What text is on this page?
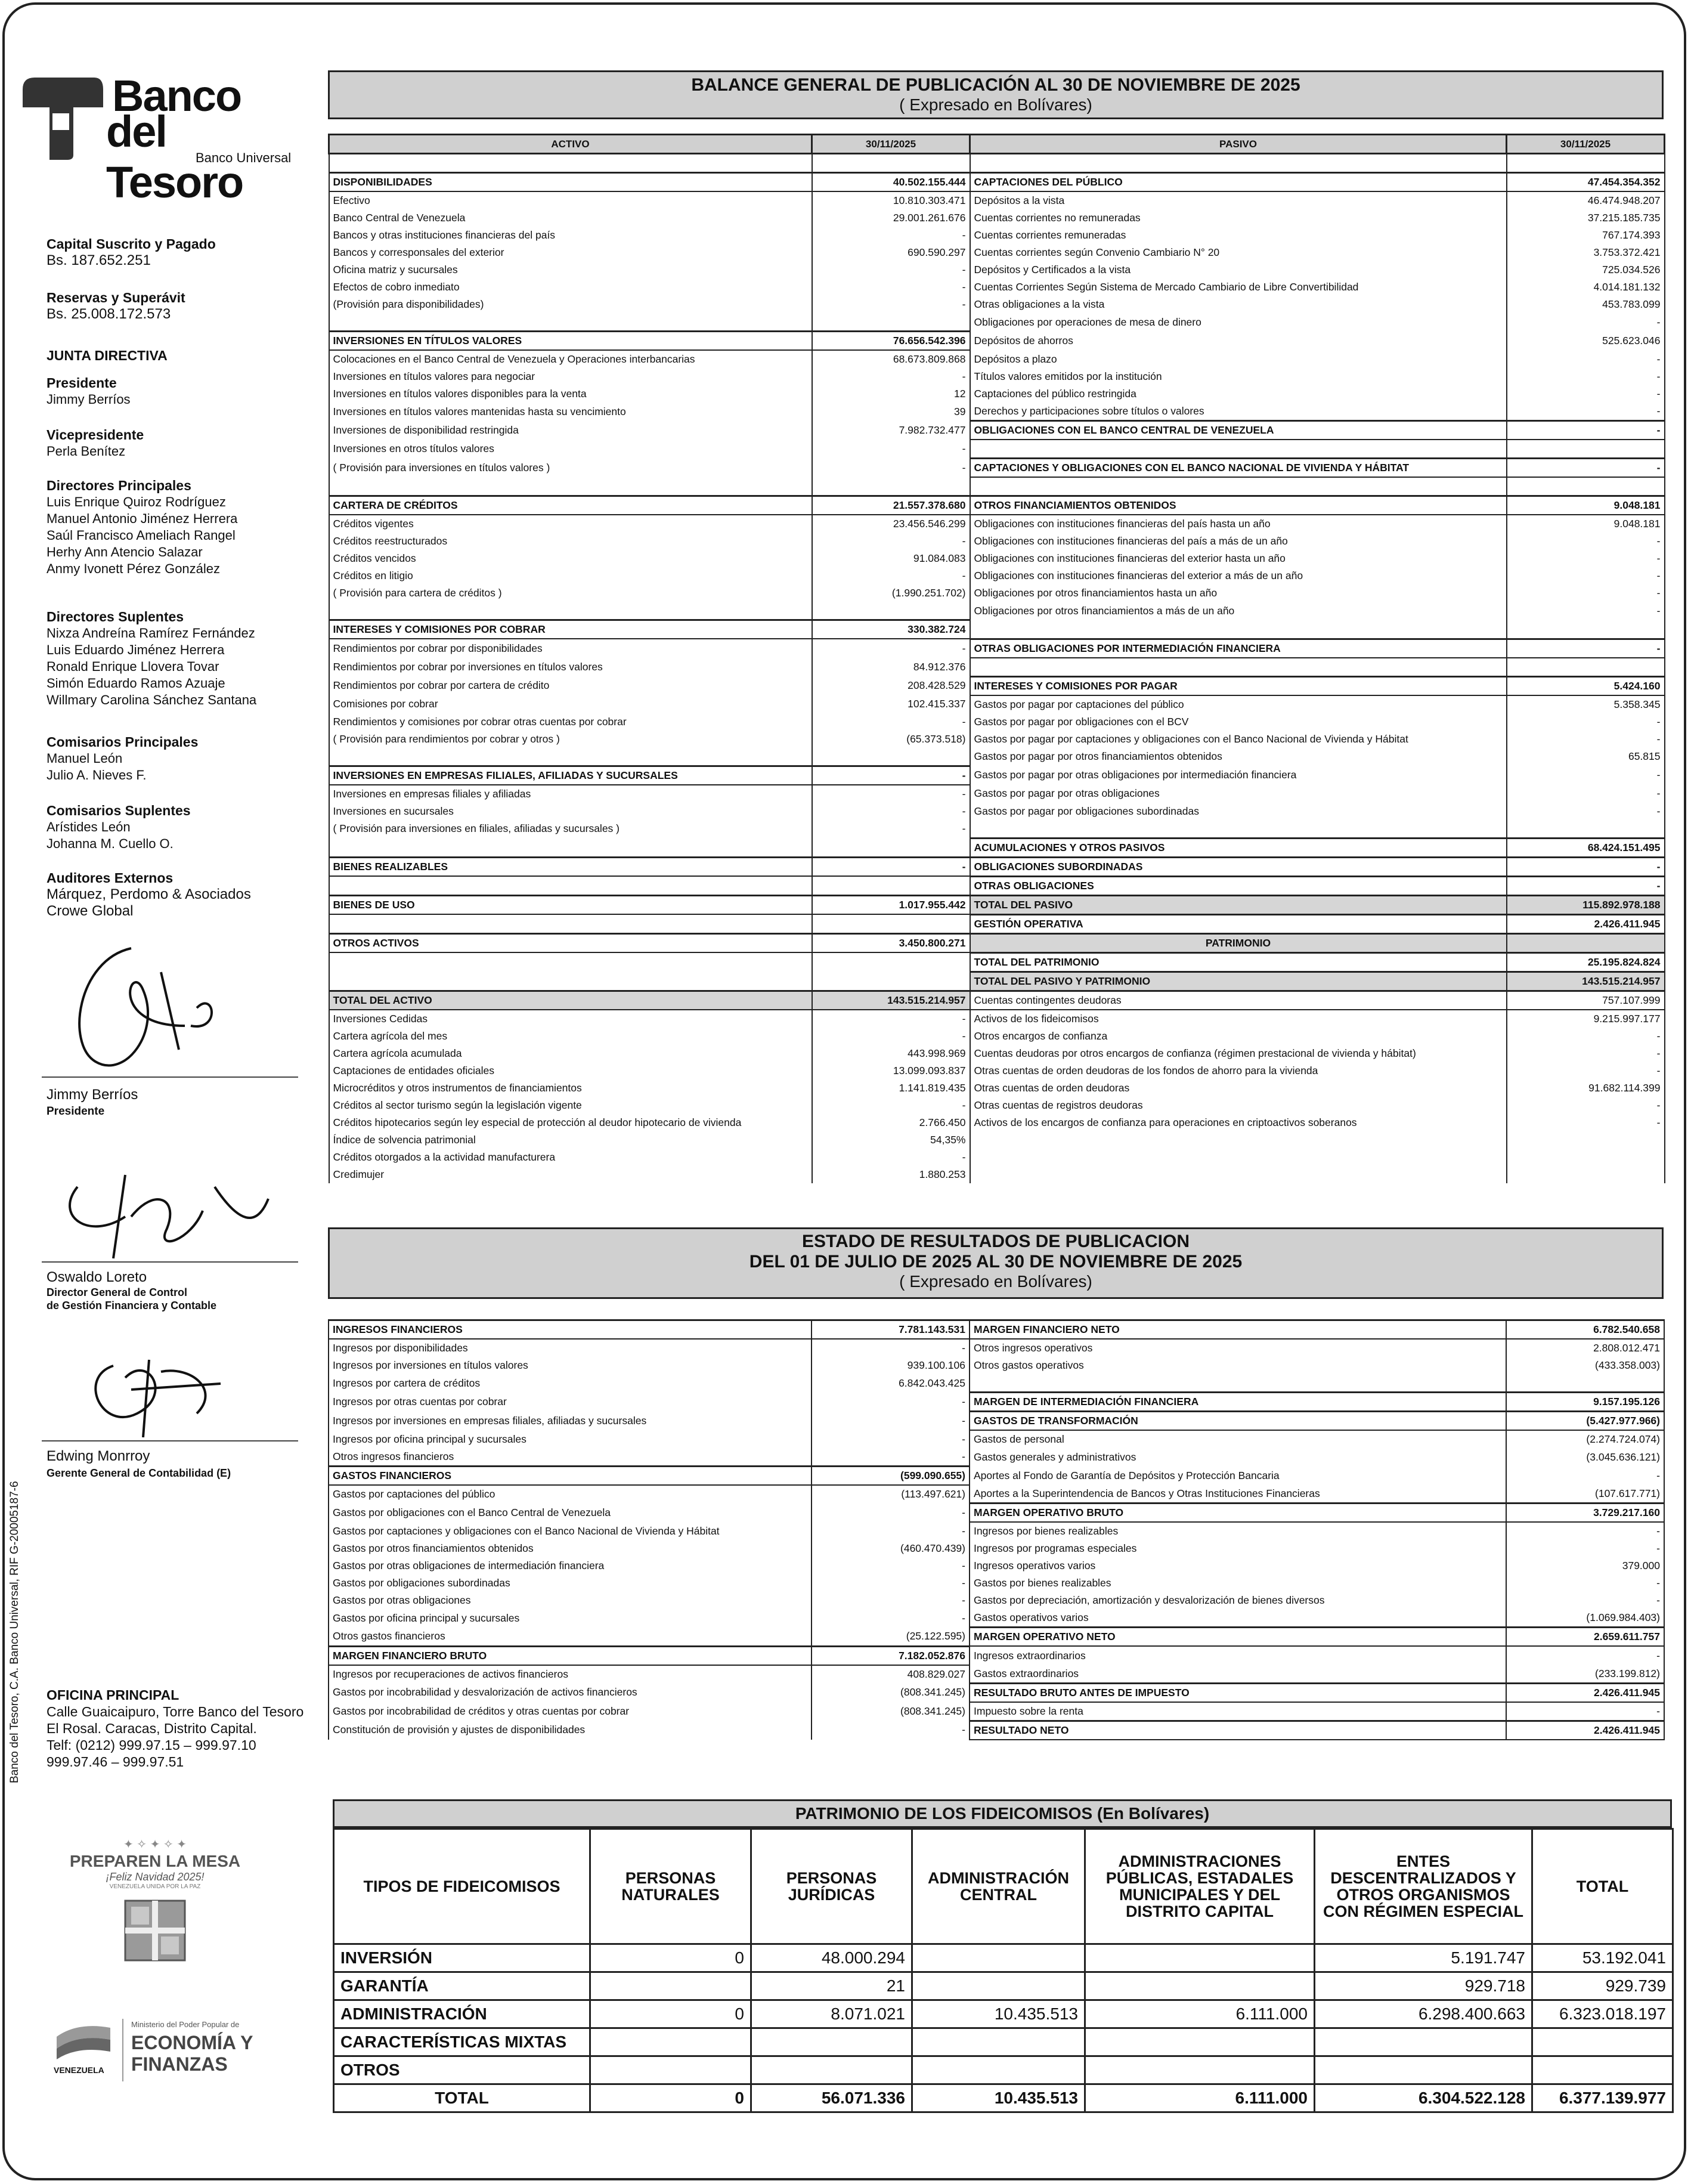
Banco
del Tesoro
Banco Universal
Capital Suscrito y Pagado
Bs. 187.652.251
Reservas y Superávit
Bs. 25.008.172.573
JUNTA DIRECTIVA
Presidente
Jimmy Berríos
Vicepresidente
Perla Benítez
Directores Principales
Luis Enrique Quiroz Rodríguez
Manuel Antonio Jiménez Herrera
Saúl Francisco Ameliach Rangel
Herhy Ann Atencio Salazar
Anmy Ivonett Pérez González
Directores Suplentes
Nixza Andreína Ramírez Fernández
Luis Eduardo Jiménez Herrera
Ronald Enrique Llovera Tovar
Simón Eduardo Ramos Azuaje
Willmary Carolina Sánchez Santana
Comisarios Principales
Manuel León
Julio A. Nieves F.
Comisarios Suplentes
Arístides León
Johanna M. Cuello O.
Auditores Externos
Márquez, Perdomo & Asociados
Crowe Global
Jimmy Berríos
Presidente
Oswaldo Loreto
Director General de Control
de Gestión Financiera y Contable
Edwing Monrroy
Gerente General de Contabilidad (E)
OFICINA PRINCIPAL
Calle Guaicaipuro, Torre Banco del Tesoro
El Rosal. Caracas, Distrito Capital.
Telf: (0212) 999.97.15 – 999.97.10
999.97.46 – 999.97.51
Banco del Tesoro, C.A. Banco Universal, RIF G-20005187-6
✦ ✧ ✦ ✧ ✦
PREPAREN LA MESA
¡Feliz Navidad 2025!
VENEZUELA UNIDA POR LA PAZ
VENEZUELA
Ministerio del Poder Popular de
ECONOMÍA Y
FINANZAS
BALANCE GENERAL DE PUBLICACIÓN AL 30 DE NOVIEMBRE DE 2025
( Expresado en Bolívares)
ACTIVO	30/11/2025	PASIVO	30/11/2025

DISPONIBILIDADES	40.502.155.444	CAPTACIONES DEL PÚBLICO	47.454.354.352
Efectivo	10.810.303.471	Depósitos a la vista	46.474.948.207
Banco Central de Venezuela	29.001.261.676	Cuentas corrientes no remuneradas	37.215.185.735
Bancos y otras instituciones financieras del país	-	Cuentas corrientes remuneradas	767.174.393
Bancos y corresponsales del exterior	690.590.297	Cuentas corrientes según Convenio Cambiario N° 20	3.753.372.421
Oficina matriz y sucursales	-	Depósitos y Certificados a la vista	725.034.526
Efectos de cobro inmediato	-	Cuentas Corrientes Según Sistema de Mercado Cambiario de Libre Convertibilidad	4.014.181.132
(Provisión para disponibilidades)	-	Otras obligaciones a la vista	453.783.099
		Obligaciones por operaciones de mesa de dinero	-
INVERSIONES EN TÍTULOS VALORES	76.656.542.396	Depósitos de ahorros	525.623.046
Colocaciones en el Banco Central de Venezuela y Operaciones interbancarias	68.673.809.868	Depósitos a plazo	-
Inversiones en títulos valores para negociar	-	Títulos valores emitidos por la institución	-
Inversiones en títulos valores disponibles para la venta	12	Captaciones del público restringida	-
Inversiones en títulos valores mantenidas hasta su vencimiento	39	Derechos y participaciones sobre títulos o valores	-
Inversiones de disponibilidad restringida	7.982.732.477	OBLIGACIONES CON EL BANCO CENTRAL DE VENEZUELA	-
Inversiones en otros títulos valores	-		
( Provisión para inversiones en títulos valores )	-	CAPTACIONES Y OBLIGACIONES CON EL BANCO NACIONAL DE VIVIENDA Y HÁBITAT	-

CARTERA DE CRÉDITOS	21.557.378.680	OTROS FINANCIAMIENTOS OBTENIDOS	9.048.181
Créditos vigentes	23.456.546.299	Obligaciones con instituciones financieras del país hasta un año	9.048.181
Créditos reestructurados	-	Obligaciones con instituciones financieras del país a más de un año	-
Créditos vencidos	91.084.083	Obligaciones con instituciones financieras del exterior hasta un año	-
Créditos en litigio	-	Obligaciones con instituciones financieras del exterior a más de un año	-
( Provisión para cartera de créditos )	(1.990.251.702)	Obligaciones por otros financiamientos hasta un año	-
		Obligaciones por otros financiamientos a más de un año	-
INTERESES Y COMISIONES POR COBRAR	330.382.724		
Rendimientos por cobrar por disponibilidades	-	OTRAS OBLIGACIONES POR INTERMEDIACIÓN FINANCIERA	-
Rendimientos por cobrar por inversiones en títulos valores	84.912.376		
Rendimientos por cobrar por cartera de crédito	208.428.529	INTERESES Y COMISIONES POR PAGAR	5.424.160
Comisiones por cobrar	102.415.337	Gastos por pagar por captaciones del público	5.358.345
Rendimientos y comisiones por cobrar otras cuentas por cobrar	-	Gastos por pagar por obligaciones con el BCV	-
( Provisión para rendimientos por cobrar y otros )	(65.373.518)	Gastos por pagar por captaciones y obligaciones con el Banco Nacional de Vivienda y Hábitat	-
		Gastos por pagar por otros financiamientos obtenidos	65.815
INVERSIONES EN EMPRESAS FILIALES, AFILIADAS Y SUCURSALES	-	Gastos por pagar por otras obligaciones por intermediación financiera	-
Inversiones en empresas filiales y afiliadas	-	Gastos por pagar por otras obligaciones	-
Inversiones en sucursales	-	Gastos por pagar por obligaciones subordinadas	-
( Provisión para inversiones en filiales, afiliadas y sucursales )	-		
		ACUMULACIONES Y OTROS PASIVOS	68.424.151.495
BIENES REALIZABLES	-	OBLIGACIONES SUBORDINADAS	-
		OTRAS OBLIGACIONES	-
BIENES DE USO	1.017.955.442	TOTAL DEL PASIVO	115.892.978.188
		GESTIÓN OPERATIVA	2.426.411.945
OTROS ACTIVOS	3.450.800.271	PATRIMONIO	
		TOTAL DEL PATRIMONIO	25.195.824.824
		TOTAL DEL PASIVO Y PATRIMONIO	143.515.214.957
TOTAL DEL ACTIVO	143.515.214.957	Cuentas contingentes deudoras	757.107.999
Inversiones Cedidas	-	Activos de los fideicomisos	9.215.997.177
Cartera agrícola del mes	-	Otros encargos de confianza	-
Cartera agrícola acumulada	443.998.969	Cuentas deudoras por otros encargos de confianza (régimen prestacional de vivienda y hábitat)	-
Captaciones de entidades oficiales	13.099.093.837	Otras cuentas de orden deudoras de los fondos de ahorro para la vivienda	-
Microcréditos y otros instrumentos de financiamientos	1.141.819.435	Otras cuentas de orden deudoras	91.682.114.399
Créditos al sector turismo según la legislación vigente	-	Otras cuentas de registros deudoras	-
Créditos hipotecarios según ley especial de protección al deudor hipotecario de vivienda	2.766.450	Activos de los encargos de confianza para operaciones en criptoactivos soberanos	-
Índice de solvencia patrimonial	54,35%		
Créditos otorgados a la actividad manufacturera	-		
Credimujer	1.880.253		
ESTADO DE RESULTADOS DE PUBLICACION
DEL 01 DE JULIO DE 2025 AL 30 DE NOVIEMBRE DE 2025
( Expresado en Bolívares)
INGRESOS FINANCIEROS	7.781.143.531	MARGEN FINANCIERO NETO	6.782.540.658
Ingresos por disponibilidades	-	Otros ingresos operativos	2.808.012.471
Ingresos por inversiones en títulos valores	939.100.106	Otros gastos operativos	(433.358.003)
Ingresos por cartera de créditos	6.842.043.425		
Ingresos por otras cuentas por cobrar	-	MARGEN DE INTERMEDIACIÓN FINANCIERA	9.157.195.126
Ingresos por inversiones en empresas filiales, afiliadas y sucursales	-	GASTOS DE TRANSFORMACIÓN	(5.427.977.966)
Ingresos por oficina principal y sucursales	-	Gastos de personal	(2.274.724.074)
Otros ingresos financieros	-	Gastos generales y administrativos	(3.045.636.121)
GASTOS FINANCIEROS	(599.090.655)	Aportes al Fondo de Garantía de Depósitos y Protección Bancaria	-
Gastos por captaciones del público	(113.497.621)	Aportes a la Superintendencia de Bancos y Otras Instituciones Financieras	(107.617.771)
Gastos por obligaciones con el Banco Central de Venezuela	-	MARGEN OPERATIVO BRUTO	3.729.217.160
Gastos por captaciones y obligaciones con el Banco Nacional de Vivienda y Hábitat	-	Ingresos por bienes realizables	-
Gastos por otros financiamientos obtenidos	(460.470.439)	Ingresos por programas especiales	-
Gastos por otras obligaciones de intermediación financiera	-	Ingresos operativos varios	379.000
Gastos por obligaciones subordinadas	-	Gastos por bienes realizables	-
Gastos por otras obligaciones	-	Gastos por depreciación, amortización y desvalorización de bienes diversos	-
Gastos por oficina principal y sucursales	-	Gastos operativos varios	(1.069.984.403)
Otros gastos financieros	(25.122.595)	MARGEN OPERATIVO NETO	2.659.611.757
MARGEN FINANCIERO BRUTO	7.182.052.876	Ingresos extraordinarios	-
Ingresos por recuperaciones de activos financieros	408.829.027	Gastos extraordinarios	(233.199.812)
Gastos por incobrabilidad y desvalorización de activos financieros	(808.341.245)	RESULTADO BRUTO ANTES DE IMPUESTO	2.426.411.945
Gastos por incobrabilidad de créditos y otras cuentas por cobrar	(808.341.245)	Impuesto sobre la renta	-
Constitución de provisión y ajustes de disponibilidades	-	RESULTADO NETO	2.426.411.945
PATRIMONIO DE LOS FIDEICOMISOS (En Bolívares)
TIPOS DE FIDEICOMISOS	PERSONAS NATURALES	PERSONAS JURÍDICAS	ADMINISTRACIÓN CENTRAL	ADMINISTRACIONES PÚBLICAS, ESTADALES MUNICIPALES Y DEL DISTRITO CAPITAL	ENTES DESCENTRALIZADOS Y OTROS ORGANISMOS CON RÉGIMEN ESPECIAL	TOTAL
INVERSIÓN	0	48.000.294			5.191.747	53.192.041
GARANTÍA		21			929.718	929.739
ADMINISTRACIÓN	0	8.071.021	10.435.513	6.111.000	6.298.400.663	6.323.018.197
CARACTERÍSTICAS MIXTAS						
OTROS						
TOTAL	0	56.071.336	10.435.513	6.111.000	6.304.522.128	6.377.139.977
